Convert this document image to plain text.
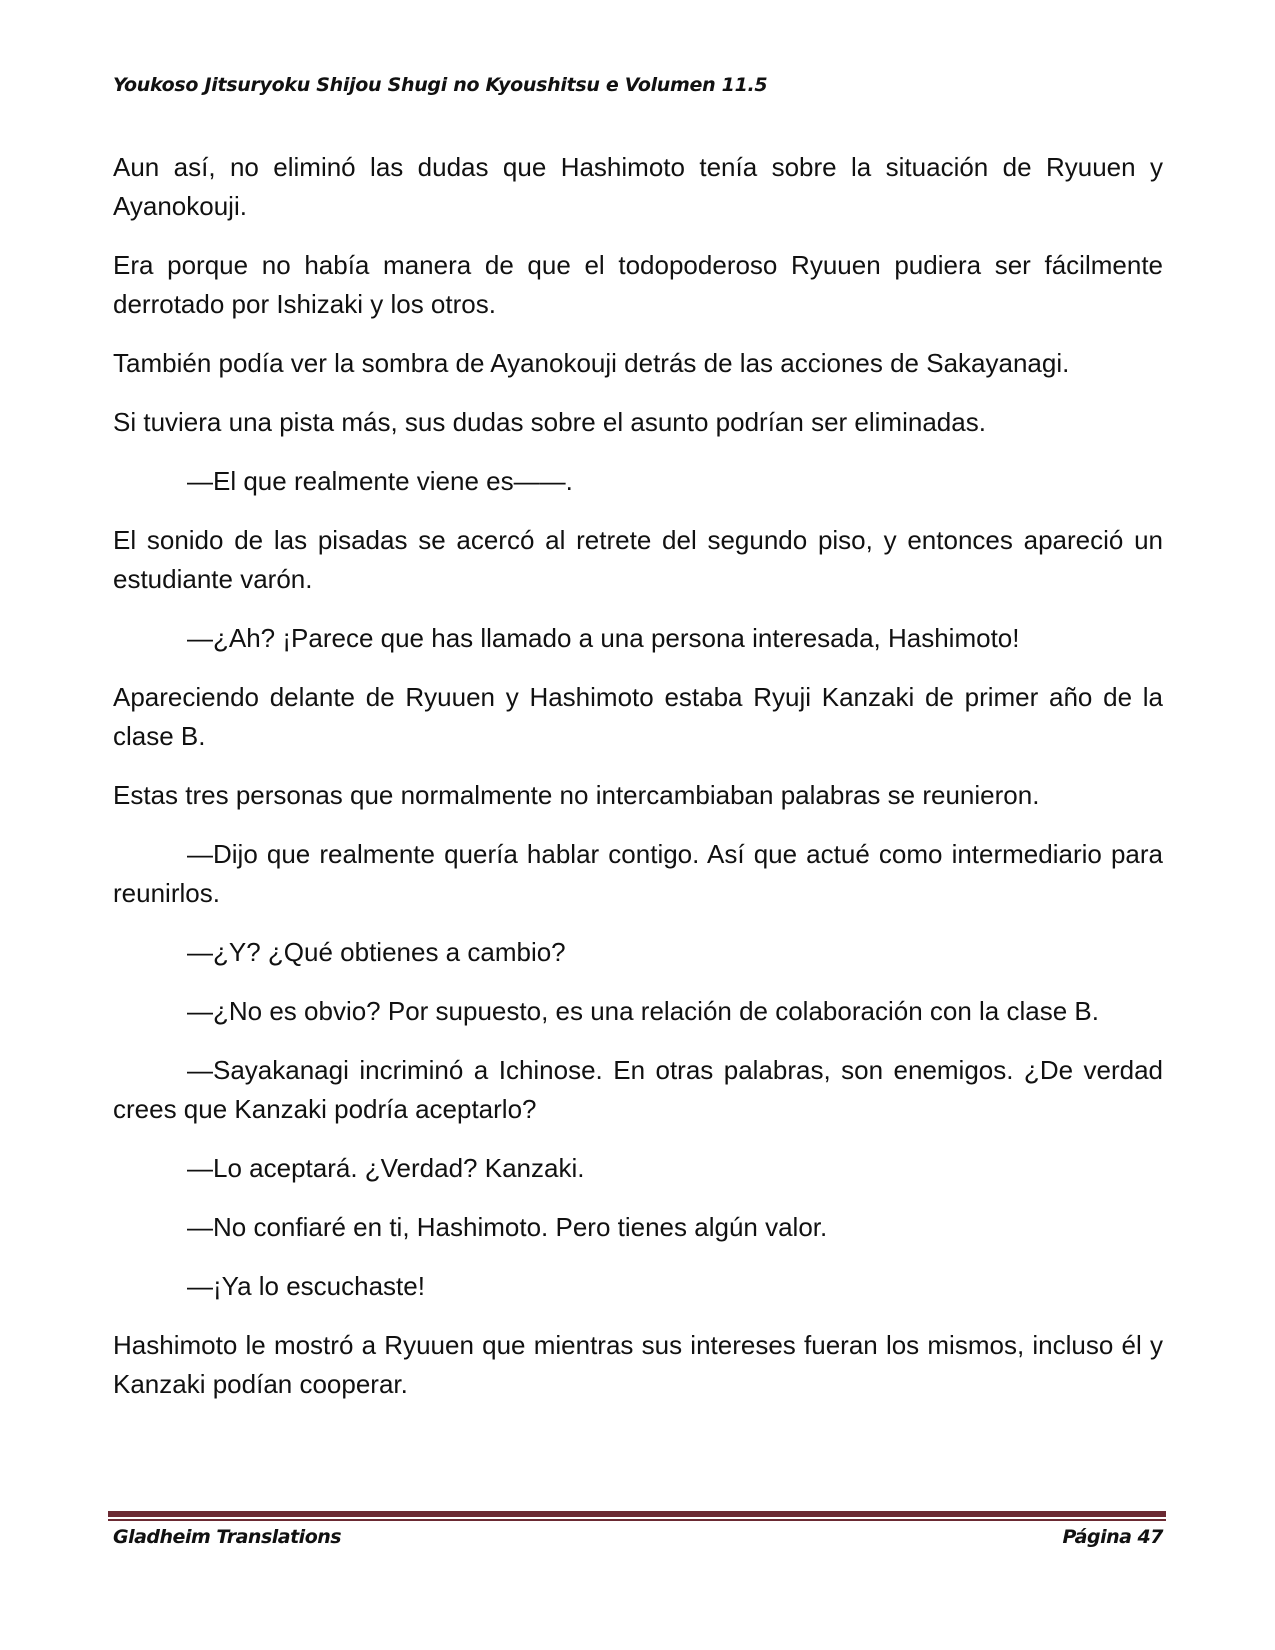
Youkoso Jitsuryoku Shijou Shugi no Kyoushitsu e Volumen 11.5

Aun así, no eliminó las dudas que Hashimoto tenía sobre la situación de Ryuuen y Ayanokouji.

Era porque no había manera de que el todopoderoso Ryuuen pudiera ser fácilmente derrotado por Ishizaki y los otros.

También podía ver la sombra de Ayanokouji detrás de las acciones de Sakayanagi.

Si tuviera una pista más, sus dudas sobre el asunto podrían ser eliminadas.

—El que realmente viene es——.

El sonido de las pisadas se acercó al retrete del segundo piso, y entonces apareció un estudiante varón.

—¿Ah? ¡Parece que has llamado a una persona interesada, Hashimoto!

Apareciendo delante de Ryuuen y Hashimoto estaba Ryuji Kanzaki de primer año de la clase B.

Estas tres personas que normalmente no intercambiaban palabras se reunieron.

—Dijo que realmente quería hablar contigo. Así que actué como intermediario para reunirlos.

—¿Y? ¿Qué obtienes a cambio?

—¿No es obvio? Por supuesto, es una relación de colaboración con la clase B.

—Sayakanagi incriminó a Ichinose. En otras palabras, son enemigos. ¿De verdad crees que Kanzaki podría aceptarlo?

—Lo aceptará. ¿Verdad? Kanzaki.

—No confiaré en ti, Hashimoto. Pero tienes algún valor.

—¡Ya lo escuchaste!

Hashimoto le mostró a Ryuuen que mientras sus intereses fueran los mismos, incluso él y Kanzaki podían cooperar.

Gladheim Translations	Página 47
